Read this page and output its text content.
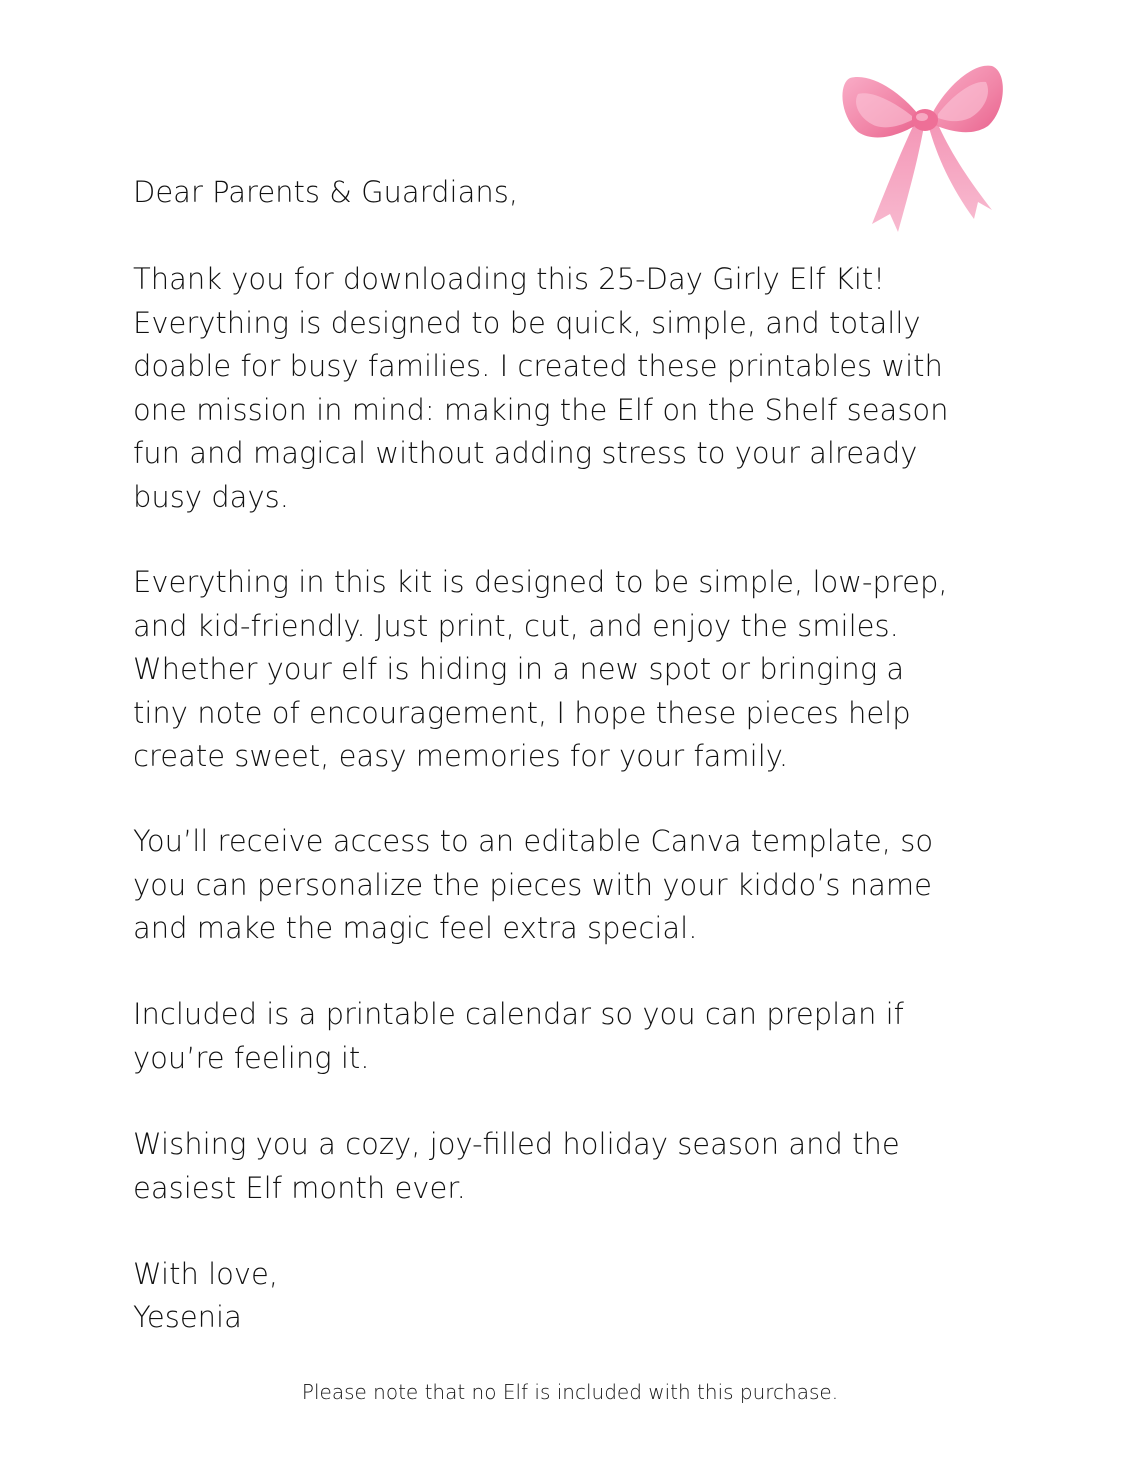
Dear Parents & Guardians,

Thank you for downloading this 25-Day Girly Elf Kit!
Everything is designed to be quick, simple, and totally
doable for busy families. I created these printables with
one mission in mind: making the Elf on the Shelf season
fun and magical without adding stress to your already
busy days.

Everything in this kit is designed to be simple, low-prep,
and kid-friendly. Just print, cut, and enjoy the smiles.
Whether your elf is hiding in a new spot or bringing a
tiny note of encouragement, I hope these pieces help
create sweet, easy memories for your family.

You’ll receive access to an editable Canva template, so
you can personalize the pieces with your kiddo’s name
and make the magic feel extra special.

Included is a printable calendar so you can preplan if
you’re feeling it.

Wishing you a cozy, joy-filled holiday season and the
easiest Elf month ever.

With love,

Yesenia

Please note that no Elf is included with this purchase.
